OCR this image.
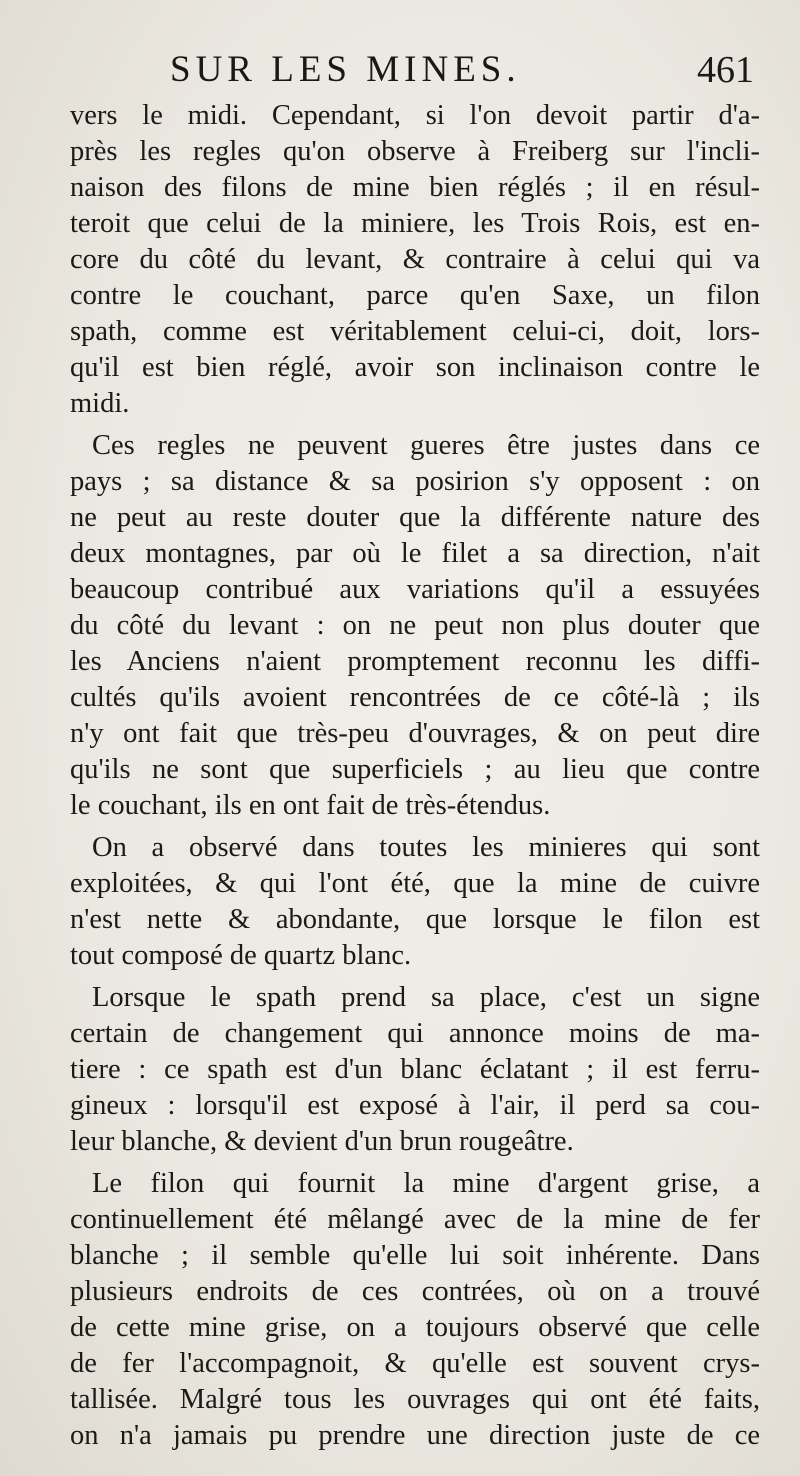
SUR LES MINES.	461
vers le midi. Cependant, si l'on devoit partir d'a-
près les regles qu'on observe à Freiberg sur l'incli-
naison des filons de mine bien réglés ; il en résul-
teroit que celui de la miniere, les Trois Rois, est en-
core du côté du levant, & contraire à celui qui va
contre le couchant, parce qu'en Saxe, un filon
spath, comme est véritablement celui-ci, doit, lors-
qu'il est bien réglé, avoir son inclinaison contre le
midi.
Ces regles ne peuvent gueres être justes dans ce
pays ; sa distance & sa posirion s'y opposent : on
ne peut au reste douter que la différente nature des
deux montagnes, par où le filet a sa direction, n'ait
beaucoup contribué aux variations qu'il a essuyées
du côté du levant : on ne peut non plus douter que
les Anciens n'aient promptement reconnu les diffi-
cultés qu'ils avoient rencontrées de ce côté-là ; ils
n'y ont fait que très-peu d'ouvrages, & on peut dire
qu'ils ne sont que superficiels ; au lieu que contre
le couchant, ils en ont fait de très-étendus.
On a observé dans toutes les minieres qui sont
exploitées, & qui l'ont été, que la mine de cuivre
n'est nette & abondante, que lorsque le filon est
tout composé de quartz blanc.
Lorsque le spath prend sa place, c'est un signe
certain de changement qui annonce moins de ma-
tiere : ce spath est d'un blanc éclatant ; il est ferru-
gineux : lorsqu'il est exposé à l'air, il perd sa cou-
leur blanche, & devient d'un brun rougeâtre.
Le filon qui fournit la mine d'argent grise, a
continuellement été mêlangé avec de la mine de fer
blanche ; il semble qu'elle lui soit inhérente. Dans
plusieurs endroits de ces contrées, où on a trouvé
de cette mine grise, on a toujours observé que celle
de fer l'accompagnoit, & qu'elle est souvent crys-
tallisée. Malgré tous les ouvrages qui ont été faits,
on n'a jamais pu prendre une direction juste de ce
